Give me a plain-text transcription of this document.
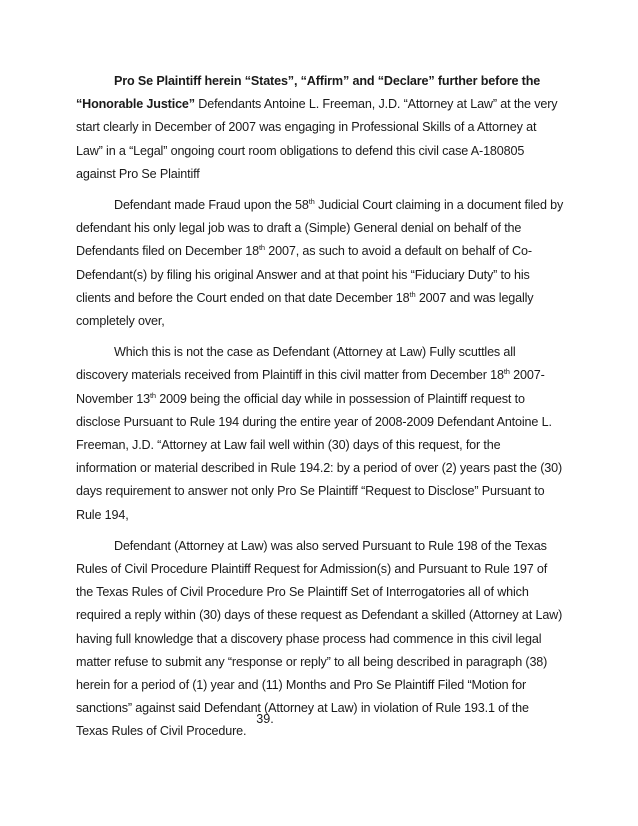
Pro Se Plaintiff herein “States”, “Affirm” and “Declare” further before the “Honorable Justice” Defendants Antoine L. Freeman, J.D. “Attorney at Law” at the very start clearly in December of 2007 was engaging in Professional Skills of a Attorney at Law” in a “Legal” ongoing court room obligations to defend this civil case A-180805 against Pro Se Plaintiff

Defendant made Fraud upon the 58th Judicial Court claiming in a document filed by defendant his only legal job was to draft a (Simple) General denial on behalf of the Defendants filed on December 18th 2007, as such to avoid a default on behalf of Co-Defendant(s) by filing his original Answer and at that point his “Fiduciary Duty” to his clients and before the Court ended on that date December 18th 2007 and was legally completely over,

Which this is not the case as Defendant (Attorney at Law) Fully scuttles all discovery materials received from Plaintiff in this civil matter from December 18th 2007- November 13th 2009 being the official day while in possession of Plaintiff request to disclose Pursuant to Rule 194 during the entire year of 2008-2009 Defendant Antoine L. Freeman, J.D. “Attorney at Law fail well within (30) days of this request, for the information or material described in Rule 194.2: by a period of over (2) years past the (30) days requirement to answer not only Pro Se Plaintiff “Request to Disclose” Pursuant to Rule 194,

Defendant (Attorney at Law) was also served Pursuant to Rule 198 of the Texas Rules of Civil Procedure Plaintiff Request for Admission(s) and Pursuant to Rule 197 of the Texas Rules of Civil Procedure Pro Se Plaintiff Set of Interrogatories all of which required a reply within (30) days of these request as Defendant a skilled (Attorney at Law) having full knowledge that a discovery phase process had commence in this civil legal matter refuse to submit any “response or reply” to all being described in paragraph (38) herein for a period of (1) year and (11) Months and Pro Se Plaintiff Filed “Motion for sanctions” against said Defendant (Attorney at Law) in violation of Rule 193.1 of the Texas Rules of Civil Procedure.

39.
